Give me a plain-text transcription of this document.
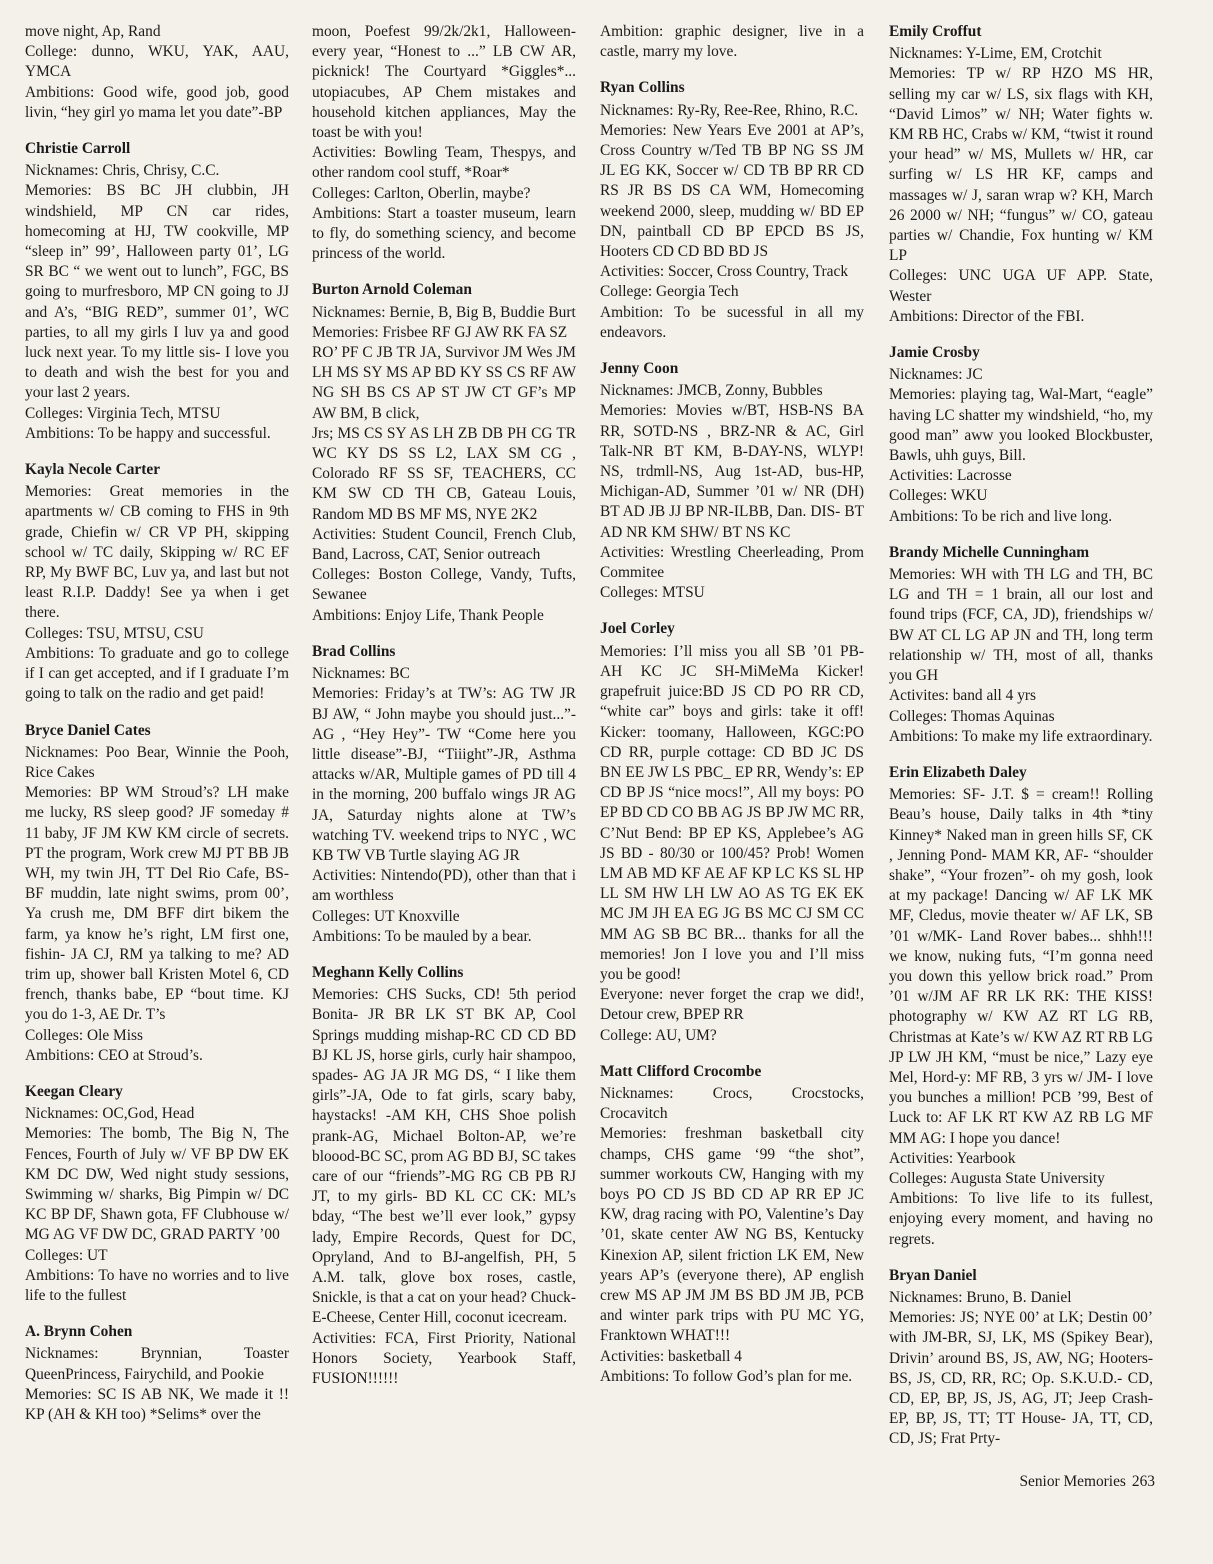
move night, Ap, Rand

College: dunno, WKU, YAK, AAU, YMCA

Ambitions: Good wife, good job, good livin, “hey girl yo mama let you date”-BP

Christie Carroll

Nicknames: Chris, Chrisy, C.C.

Memories: BS BC JH clubbin, JH windshield, MP CN car rides, homecoming at HJ, TW cookville, MP “sleep in” 99’, Halloween party 01’, LG SR BC “ we went out to lunch”, FGC, BS going to murfresboro, MP CN going to JJ and A’s, “BIG RED”, summer 01’, WC parties, to all my girls I luv ya and good luck next year. To my little sis- I love you to death and wish the best for you and your last 2 years.

Colleges: Virginia Tech, MTSU

Ambitions: To be happy and successful.

Kayla Necole Carter

Memories: Great memories in the apartments w/ CB coming to FHS in 9th grade, Chiefin w/ CR VP PH, skipping school w/ TC daily, Skipping w/ RC EF RP, My BWF BC, Luv ya, and last but not least R.I.P. Daddy! See ya when i get there.

Colleges: TSU, MTSU, CSU

Ambitions: To graduate and go to college if I can get accepted, and if I graduate I’m going to talk on the radio and get paid!

Bryce Daniel Cates

Nicknames: Poo Bear, Winnie the Pooh, Rice Cakes

Memories: BP WM Stroud’s? LH make me lucky, RS sleep good? JF someday # 11 baby, JF JM KW KM circle of secrets. PT the program, Work crew MJ PT BB JB WH, my twin JH, TT Del Rio Cafe, BS-BF muddin, late night swims, prom 00’, Ya crush me, DM BFF dirt bikem the farm, ya know he’s right, LM first one, fishin- JA CJ, RM ya talking to me? AD trim up, shower ball Kristen Motel 6, CD french, thanks babe, EP “bout time. KJ you do 1-3, AE Dr. T’s

Colleges: Ole Miss

Ambitions: CEO at Stroud’s.

Keegan Cleary

Nicknames: OC,God, Head

Memories: The bomb, The Big N, The Fences, Fourth of July w/ VF BP DW EK KM DC DW, Wed night study sessions, Swimming w/ sharks, Big Pimpin w/ DC KC BP DF, Shawn gota, FF Clubhouse w/ MG AG VF DW DC, GRAD PARTY ’00

Colleges: UT

Ambitions: To have no worries and to live life to the fullest

A. Brynn Cohen

Nicknames: Brynnian, Toaster QueenPrincess, Fairychild, and Pookie

Memories: SC IS AB NK, We made it !! KP (AH & KH too) *Selims* over the

moon, Poefest 99/2k/2k1, Halloween- every year, “Honest to ...” LB CW AR, picknick! The Courtyard *Giggles*... utopiacubes, AP Chem mistakes and household kitchen appliances, May the toast be with you!

Activities: Bowling Team, Thespys, and other random cool stuff, *Roar*

Colleges: Carlton, Oberlin, maybe?

Ambitions: Start a toaster museum, learn to fly, do something sciency, and become princess of the world.

Burton Arnold Coleman

Nicknames: Bernie, B, Big B, Buddie Burt

Memories: Frisbee RF GJ AW RK FA SZ

RO’ PF C JB TR JA, Survivor JM Wes JM LH MS SY MS AP BD KY SS CS RF AW NG SH BS CS AP ST JW CT GF’s MP AW BM, B click,

Jrs; MS CS SY AS LH ZB DB PH CG TR WC KY DS SS L2, LAX SM CG , Colorado RF SS SF, TEACHERS, CC KM SW CD TH CB, Gateau Louis, Random MD BS MF MS, NYE 2K2

Activities: Student Council, French Club, Band, Lacross, CAT, Senior outreach

Colleges: Boston College, Vandy, Tufts, Sewanee

Ambitions: Enjoy Life, Thank People

Brad Collins

Nicknames: BC

Memories: Friday’s at TW’s: AG TW JR BJ AW, “ John maybe you should just...”-AG , “Hey Hey”- TW “Come here you little disease”-BJ, “Tiiight”-JR, Asthma attacks w/AR, Multiple games of PD till 4 in the morning, 200 buffalo wings JR AG JA, Saturday nights alone at TW’s watching TV. weekend trips to NYC , WC KB TW VB Turtle slaying AG JR

Activities: Nintendo(PD), other than that i am worthless

Colleges: UT Knoxville

Ambitions: To be mauled by a bear.

Meghann Kelly Collins

Memories: CHS Sucks, CD! 5th period Bonita- JR BR LK ST BK AP, Cool Springs mudding mishap-RC CD CD BD BJ KL JS, horse girls, curly hair shampoo, spades- AG JA JR MG DS, “ I like them girls”-JA, Ode to fat girls, scary baby, haystacks! -AM KH, CHS Shoe polish prank-AG, Michael Bolton-AP, we’re bloood-BC SC, prom AG BD BJ, SC takes care of our “friends”-MG RG CB PB RJ JT, to my girls- BD KL CC CK: ML’s bday, “The best we’ll ever look,” gypsy lady, Empire Records, Quest for DC, Opryland, And to BJ-angelfish, PH, 5 A.M. talk, glove box roses, castle, Snickle, is that a cat on your head? Chuck-E-Cheese, Center Hill, coconut icecream.

Activities: FCA, First Priority, National Honors Society, Yearbook Staff, FUSION!!!!!!

Ambition: graphic designer, live in a castle, marry my love.

Ryan Collins

Nicknames: Ry-Ry, Ree-Ree, Rhino, R.C.

Memories: New Years Eve 2001 at AP’s, Cross Country w/Ted TB BP NG SS JM JL EG KK, Soccer w/ CD TB BP RR CD RS JR BS DS CA WM, Homecoming weekend 2000, sleep, mudding w/ BD EP DN, paintball CD BP EPCD BS JS, Hooters CD CD BD BD JS

Activities: Soccer, Cross Country, Track

College: Georgia Tech

Ambition: To be sucessful in all my endeavors.

Jenny Coon

Nicknames: JMCB, Zonny, Bubbles

Memories: Movies w/BT, HSB-NS BA RR, SOTD-NS , BRZ-NR & AC, Girl Talk-NR BT KM, B-DAY-NS, WLYP! NS, trdmll-NS, Aug 1st-AD, bus-HP, Michigan-AD, Summer ’01 w/ NR (DH) BT AD JB JJ BP NR-ILBB, Dan. DIS- BT AD NR KM SHW/ BT NS KC

Activities: Wrestling Cheerleading, Prom Commitee

Colleges: MTSU

Joel Corley

Memories: I’ll miss you all SB ’01 PB-AH KC JC SH-MiMeMa Kicker! grapefruit juice:BD JS CD PO RR CD, “white car” boys and girls: take it off! Kicker: toomany, Halloween, KGC:PO CD RR, purple cottage: CD BD JC DS BN EE JW LS PBC_ EP RR, Wendy’s: EP CD BP JS “nice mocs!”, All my boys: PO EP BD CD CO BB AG JS BP JW MC RR, C’Nut Bend: BP EP KS, Applebee’s AG JS BD - 80/30 or 100/45? Prob! Women LM AB MD KF AE AF KP LC KS SL HP LL SM HW LH LW AO AS TG EK EK MC JM JH EA EG JG BS MC CJ SM CC MM AG SB BC BR... thanks for all the memories! Jon I love you and I’ll miss you be good!

Everyone: never forget the crap we did!, Detour crew, BPEP RR

College: AU, UM?

Matt Clifford Crocombe

Nicknames: Crocs, Crocstocks, Crocavitch

Memories: freshman basketball city champs, CHS game ‘99 “the shot”, summer workouts CW, Hanging with my boys PO CD JS BD CD AP RR EP JC KW, drag racing with PO, Valentine’s Day ’01, skate center AW NG BS, Kentucky Kinexion AP, silent friction LK EM, New years AP’s (everyone there), AP english crew MS AP JM JM BS BD JM JB, PCB and winter park trips with PU MC YG, Franktown WHAT!!!

Activities: basketball 4

Ambitions: To follow God’s plan for me.

Emily Croffut

Nicknames: Y-Lime, EM, Crotchit

Memories: TP w/ RP HZO MS HR, selling my car w/ LS, six flags with KH, “David Limos” w/ NH; Water fights w. KM RB HC, Crabs w/ KM, “twist it round your head” w/ MS, Mullets w/ HR, car surfing w/ LS HR KF, camps and massages w/ J, saran wrap w? KH, March 26 2000 w/ NH; “fungus” w/ CO, gateau parties w/ Chandie, Fox hunting w/ KM LP

Colleges: UNC UGA UF APP. State, Wester

Ambitions: Director of the FBI.

Jamie Crosby

Nicknames: JC

Memories: playing tag, Wal-Mart, “eagle” having LC shatter my windshield, “ho, my good man” aww you looked Blockbuster, Bawls, uhh guys, Bill.

Activities: Lacrosse

Colleges: WKU

Ambitions: To be rich and live long.

Brandy Michelle Cunningham

Memories: WH with TH LG and TH, BC LG and TH = 1 brain, all our lost and found trips (FCF, CA, JD), friendships w/ BW AT CL LG AP JN and TH, long term relationship w/ TH, most of all, thanks you GH

Activites: band all 4 yrs

Colleges: Thomas Aquinas

Ambitions: To make my life extraordinary.

Erin Elizabeth Daley

Memories: SF- J.T. $ = cream!! Rolling Beau’s house, Daily talks in 4th *tiny Kinney* Naked man in green hills SF, CK , Jenning Pond- MAM KR, AF- “shoulder shake”, “Your frozen”- oh my gosh, look at my package! Dancing w/ AF LK MK MF, Cledus, movie theater w/ AF LK, SB ’01 w/MK- Land Rover babes... shhh!!! we know, nuking futs, “I’m gonna need you down this yellow brick road.” Prom ’01 w/JM AF RR LK RK: THE KISS! photography w/ KW AZ RT LG RB, Christmas at Kate’s w/ KW AZ RT RB LG JP LW JH KM, “must be nice,” Lazy eye Mel, Hord-y: MF RB, 3 yrs w/ JM- I love you bunches a million! PCB ’99, Best of Luck to: AF LK RT KW AZ RB LG MF MM AG: I hope you dance!

Activities: Yearbook

Colleges: Augusta State University

Ambitions: To live life to its fullest, enjoying every moment, and having no regrets.

Bryan Daniel

Nicknames: Bruno, B. Daniel

Memories: JS; NYE 00’ at LK; Destin 00’ with JM-BR, SJ, LK, MS (Spikey Bear), Drivin’ around BS, JS, AW, NG; Hooters- BS, JS, CD, RR, RC; Op. S.K.U.D.- CD, CD, EP, BP, JS, JS, AG, JT; Jeep Crash- EP, BP, JS, TT; TT House- JA, TT, CD, CD, JS; Frat Prty-

Senior Memories 263
